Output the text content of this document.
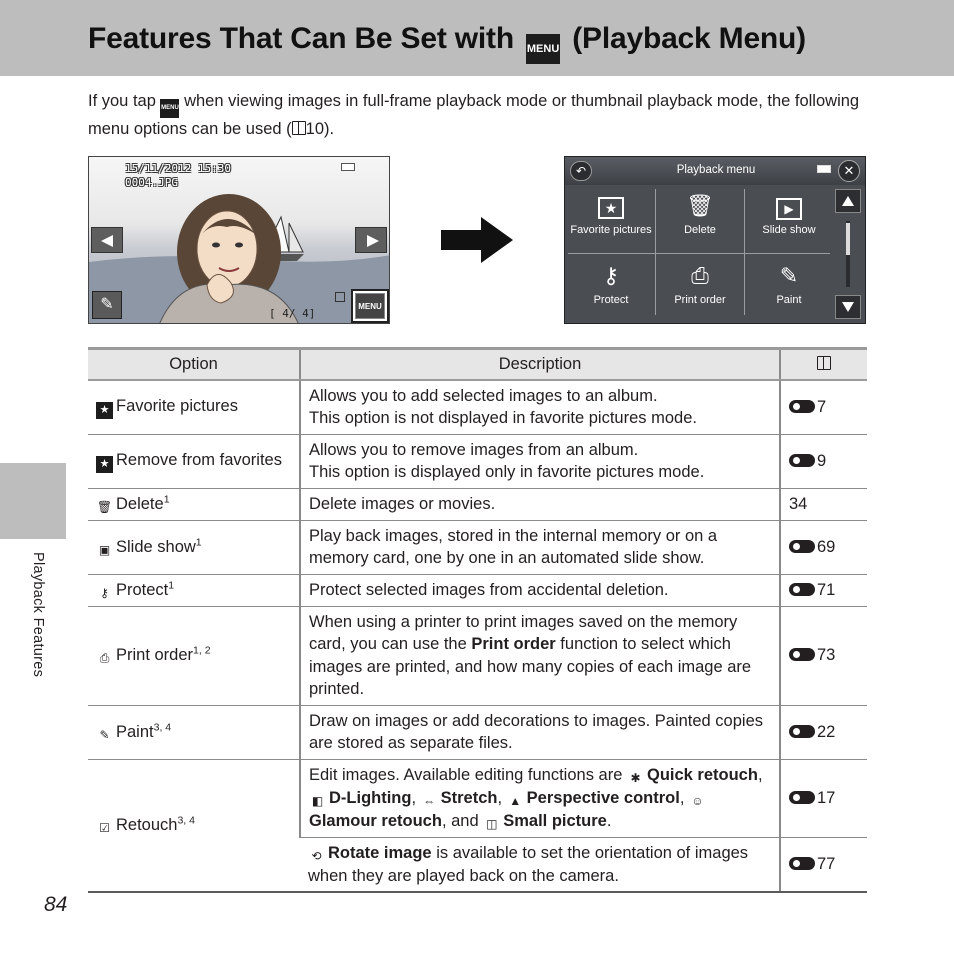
Features That Can Be Set with MENU (Playback Menu)

If you tap MENU when viewing images in full-frame playback mode or thumbnail playback mode, the following menu options can be used ( 10).

15/11/2012 15:30
0004.JPG
✎
[ 4/ 4]
MENU
↶	Playback menu	✕
★
Favorite pictures
🗑
Delete
▶
Slide show
⚷
Protect
⎙
Print order
✎
Paint
Option	Description	
★ Favorite pictures	Allows you to add selected images to an album.
This option is not displayed in favorite pictures mode.	7
★ Remove from favorites	Allows you to remove images from an album.
This option is displayed only in favorite pictures mode.	9
🗑 Delete$^1$	Delete images or movies.	34
▣ Slide show$^1$	Play back images, stored in the internal memory or on a memory card, one by one in an automated slide show.	69
⚷ Protect$^1$	Protect selected images from accidental deletion.	71
⎙ Print order$^{1, 2}$	When using a printer to print images saved on the memory card, you can use the Print order function to select which images are printed, and how many copies of each image are printed.	73
✎ Paint$^{3, 4}$	Draw on images or add decorations to images. Painted copies are stored as separate files.	22
☑ Retouch$^{3, 4}$	Edit images. Available editing functions are ✱ Quick retouch, ◧ D-Lighting, ⇔ Stretch, ▲ Perspective control, ☺Glamour retouch, and ◫ Small picture.	17
	⟲ Rotate image is available to set the orientation of images when they are played back on the camera.	77
Playback Features
84
